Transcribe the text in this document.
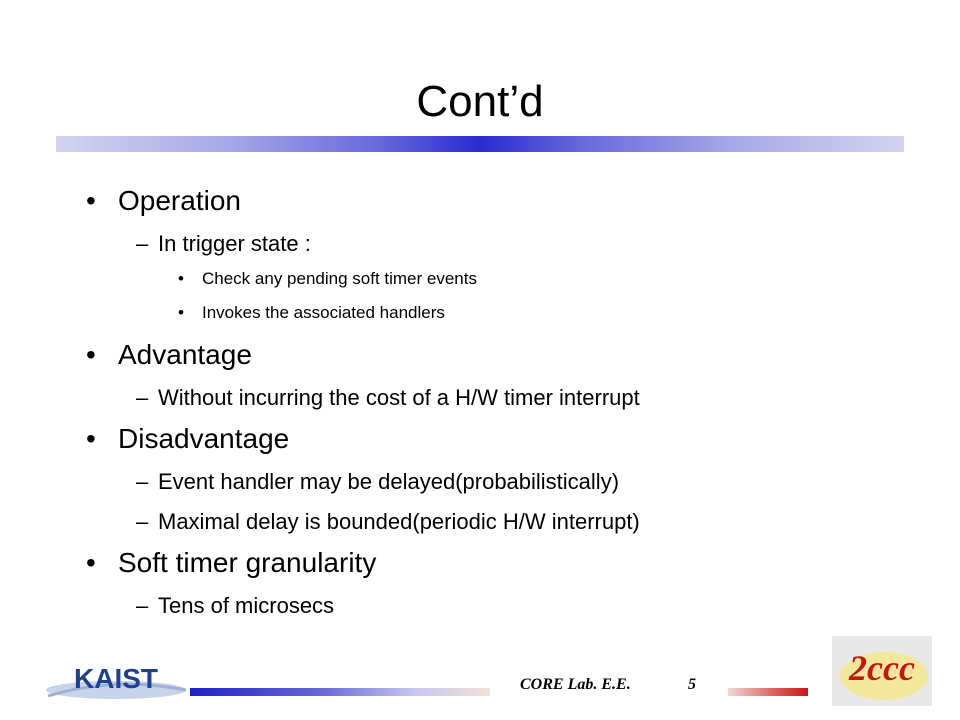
Cont’d
• Operation
– In trigger state :
• Check any pending soft timer events
• Invokes the associated handlers
• Advantage
– Without incurring the cost of a H/W timer interrupt
• Disadvantage
– Event handler may be delayed(probabilistically)
– Maximal delay is bounded(periodic H/W interrupt)
• Soft timer granularity
– Tens of microsecs
KAIST	CORE Lab. E.E.	5	2ccc
